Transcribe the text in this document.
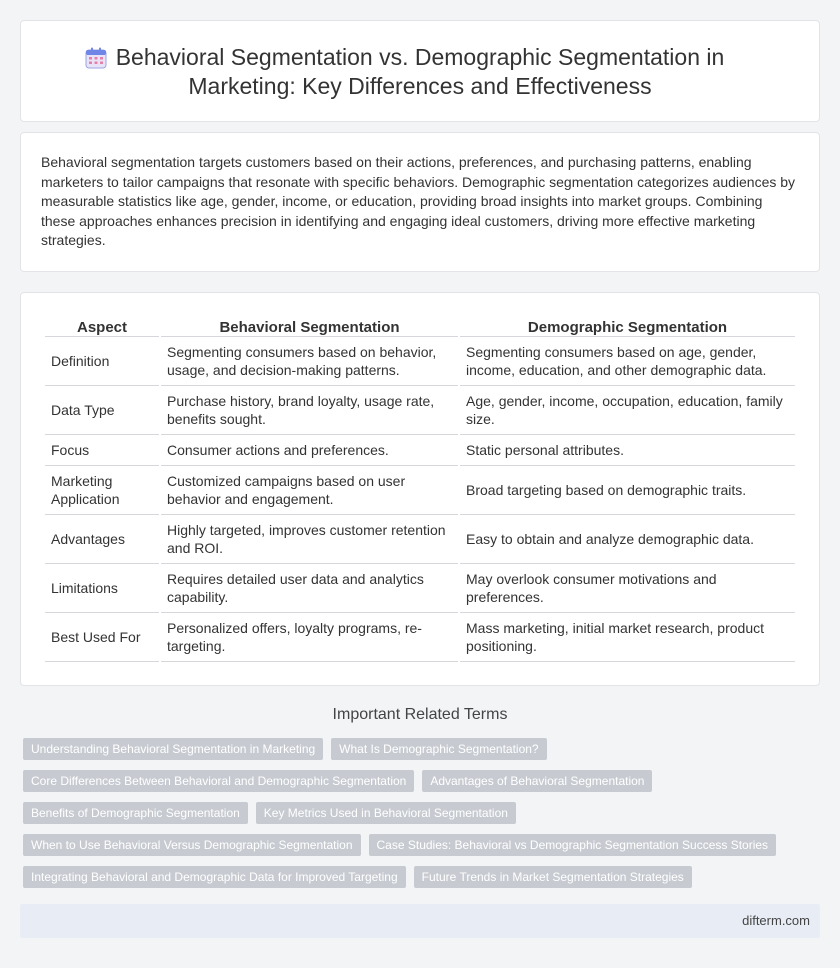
Behavioral Segmentation vs. Demographic Segmentation in
Marketing: Key Differences and Effectiveness

Behavioral segmentation targets customers based on their actions, preferences, and purchasing patterns, enabling marketers to tailor campaigns that resonate with specific behaviors. Demographic segmentation categorizes audiences by measurable statistics like age, gender, income, or education, providing broad insights into market groups. Combining these approaches enhances precision in identifying and engaging ideal customers, driving more effective marketing strategies.

Aspect	Behavioral Segmentation	Demographic Segmentation
Definition	Segmenting consumers based on behavior, usage, and decision-making patterns.	Segmenting consumers based on age, gender, income, education, and other demographic data.
Data Type	Purchase history, brand loyalty, usage rate, benefits sought.	Age, gender, income, occupation, education, family size.
Focus	Consumer actions and preferences.	Static personal attributes.
Marketing Application	Customized campaigns based on user behavior and engagement.	Broad targeting based on demographic traits.
Advantages	Highly targeted, improves customer retention and ROI.	Easy to obtain and analyze demographic data.
Limitations	Requires detailed user data and analytics capability.	May overlook consumer motivations and preferences.
Best Used For	Personalized offers, loyalty programs, re-targeting.	Mass marketing, initial market research, product positioning.
Important Related Terms
Understanding Behavioral Segmentation in Marketing	What Is Demographic Segmentation?
Core Differences Between Behavioral and Demographic Segmentation	Advantages of Behavioral Segmentation
Benefits of Demographic Segmentation	Key Metrics Used in Behavioral Segmentation
When to Use Behavioral Versus Demographic Segmentation	Case Studies: Behavioral vs Demographic Segmentation Success Stories
Integrating Behavioral and Demographic Data for Improved Targeting	Future Trends in Market Segmentation Strategies
difterm.com
